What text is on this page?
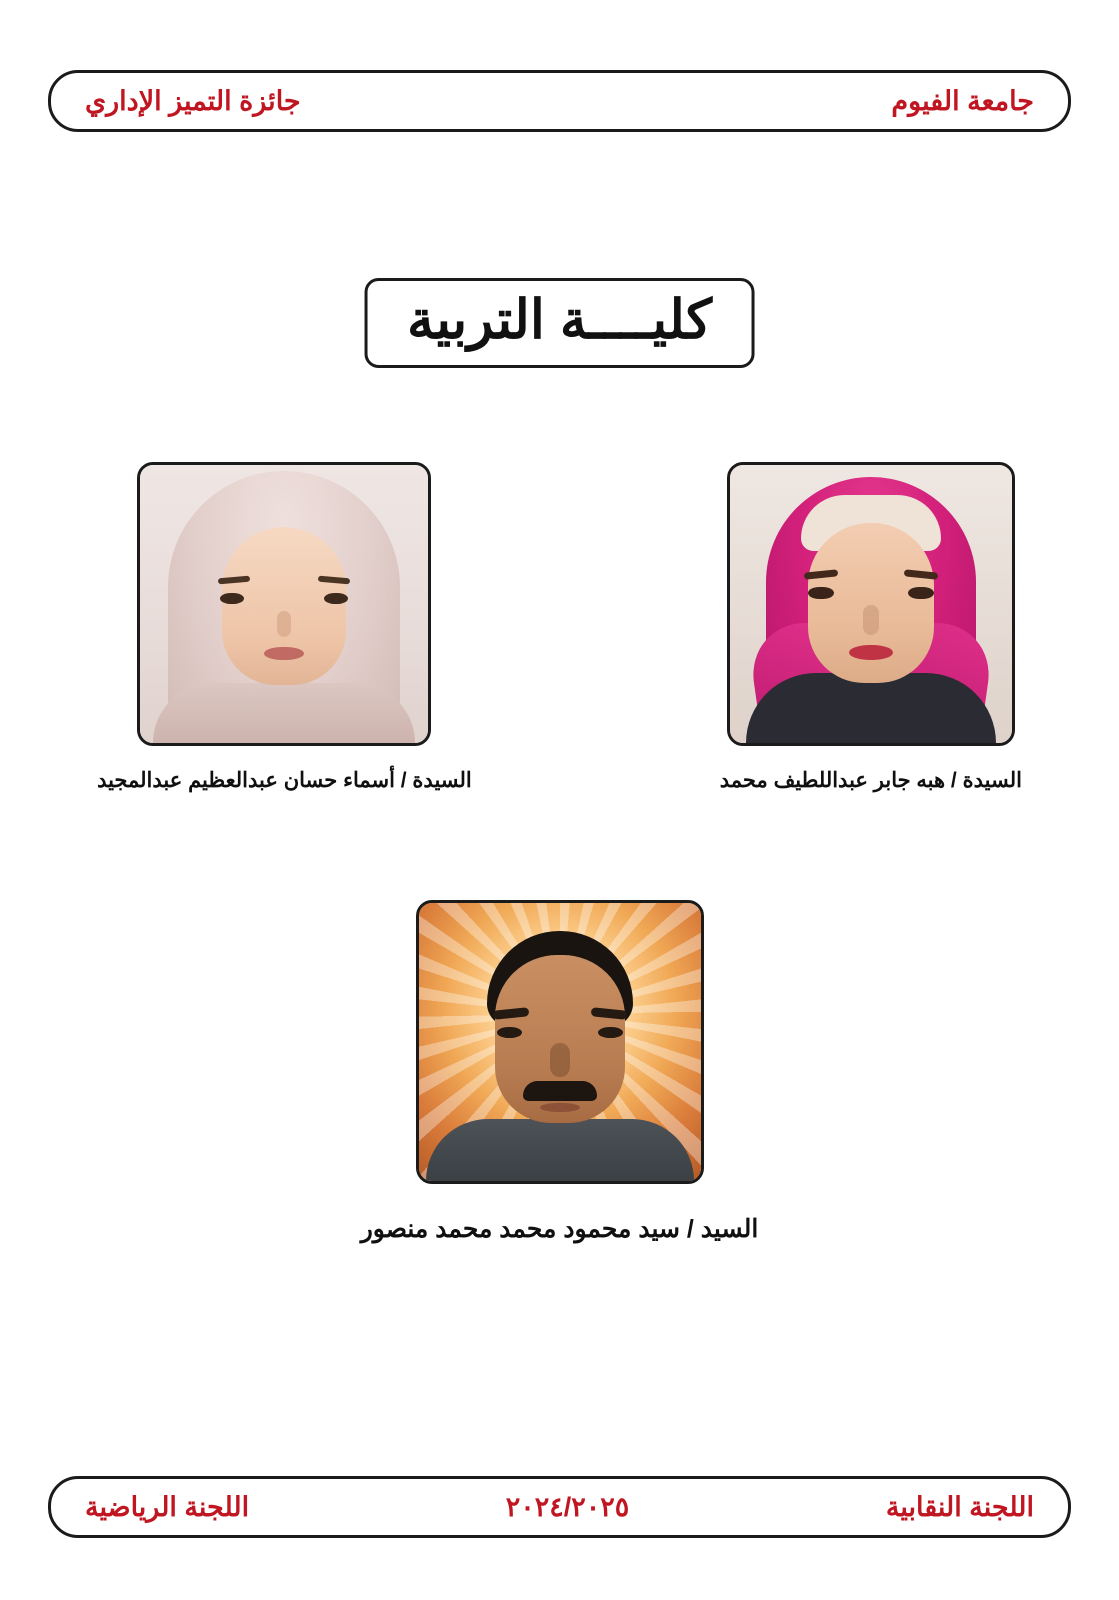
جامعة الفيوم
جائزة التميز الإداري
كليــــة التربية
السيدة / هبه جابر عبداللطيف محمد
السيدة / أسماء حسان عبدالعظيم عبدالمجيد
السيد / سيد محمود محمد محمد منصور
اللجنة النقابية
٢٠٢٤/٢٠٢٥
اللجنة الرياضية
